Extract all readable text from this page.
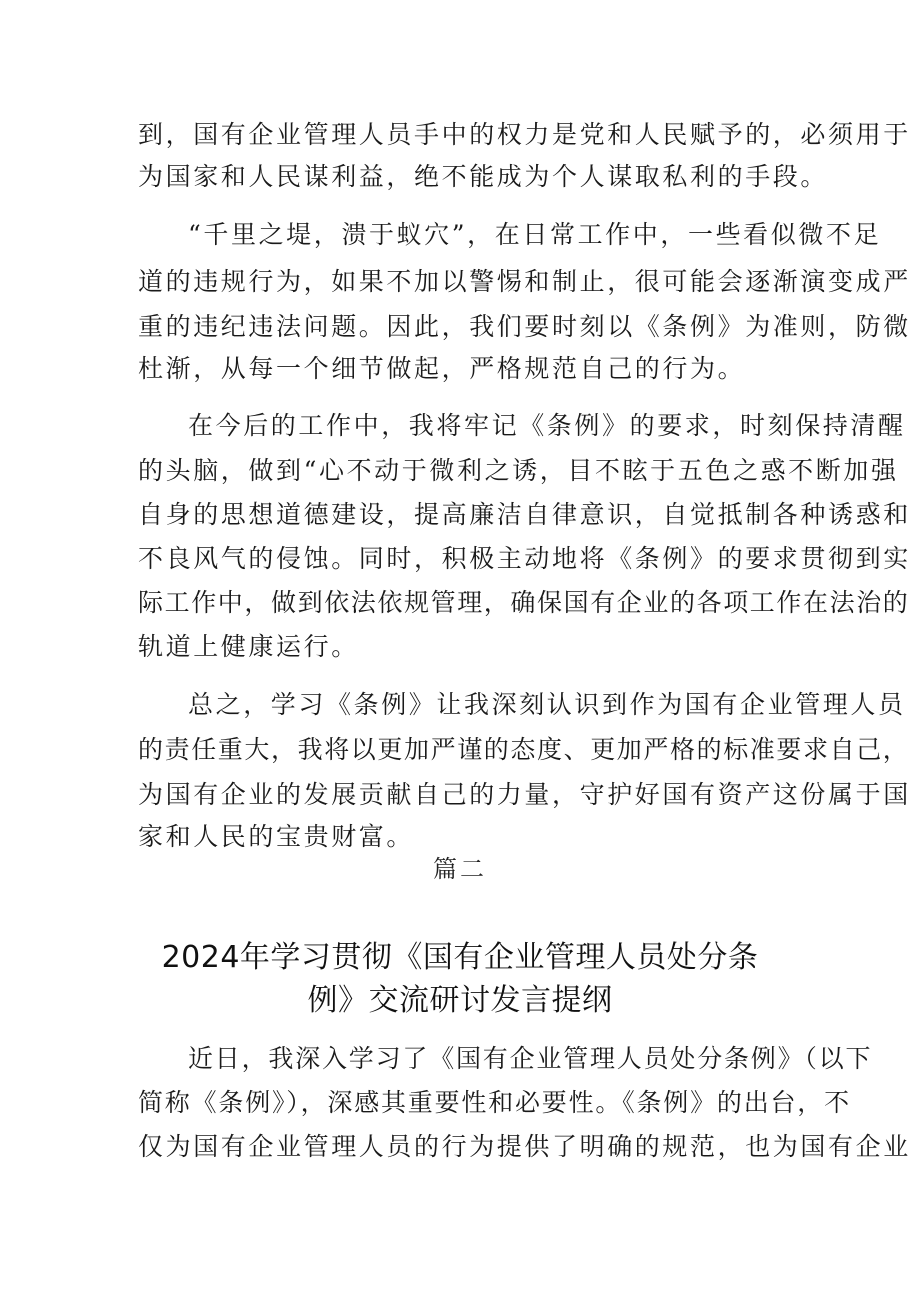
到，国有企业管理人员手中的权力是党和人民赋予的，必须用于
为国家和人民谋利益，绝不能成为个人谋取私利的手段。
“千里之堤，溃于蚁穴”，在日常工作中，一些看似微不足
道的违规行为，如果不加以警惕和制止，很可能会逐渐演变成严
重的违纪违法问题。因此，我们要时刻以《条例》为准则，防微
杜渐，从每一个细节做起，严格规范自己的行为。
在今后的工作中，我将牢记《条例》的要求，时刻保持清醒
的头脑，做到“心不动于微利之诱，目不眩于五色之惑不断加强
自身的思想道德建设，提高廉洁自律意识，自觉抵制各种诱惑和
不良风气的侵蚀。同时，积极主动地将《条例》的要求贯彻到实
际工作中，做到依法依规管理，确保国有企业的各项工作在法治的
轨道上健康运行。
总之，学习《条例》让我深刻认识到作为国有企业管理人员
的责任重大，我将以更加严谨的态度、更加严格的标准要求自己，
为国有企业的发展贡献自己的力量，守护好国有资产这份属于国
家和人民的宝贵财富。
篇二
2024年学习贯彻《国有企业管理人员处分条
例》交流研讨发言提纲
近日，我深入学习了《国有企业管理人员处分条例》（以下
简称《条例》），深感其重要性和必要性。《条例》的出台，不
仅为国有企业管理人员的行为提供了明确的规范，也为国有企业
